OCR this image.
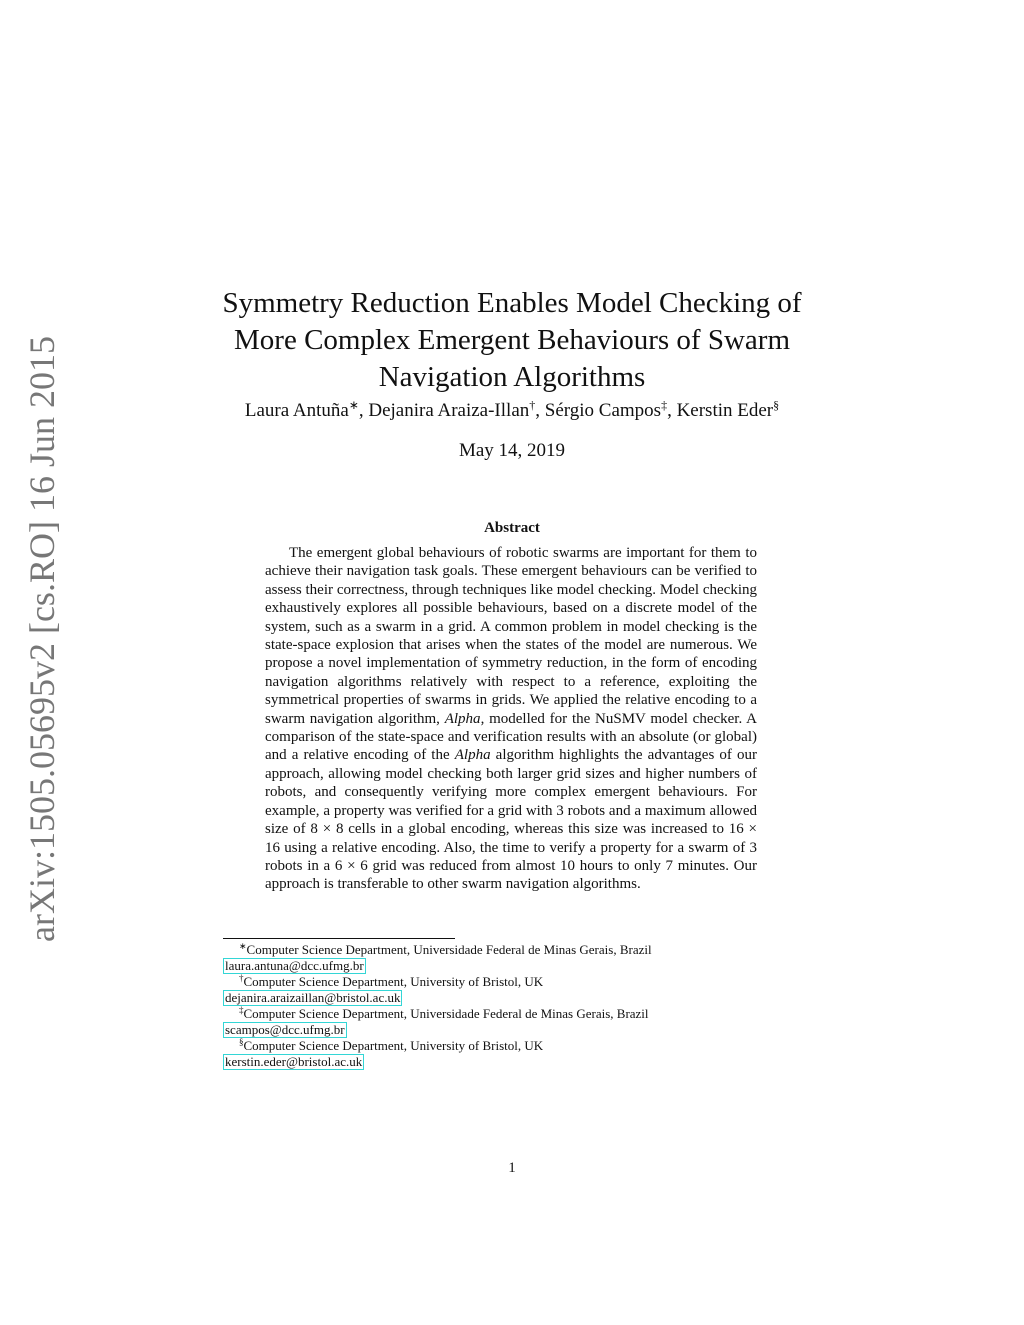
arXiv:1505.05695v2 [cs.RO] 16 Jun 2015
Symmetry Reduction Enables Model Checking of
More Complex Emergent Behaviours of Swarm
Navigation Algorithms
Laura Antuña∗, Dejanira Araiza-Illan†, Sérgio Campos‡, Kerstin Eder§
May 14, 2019
Abstract

The emergent global behaviours of robotic swarms are important for them to achieve their navigation task goals. These emergent behaviours can be verified to assess their correctness, through techniques like model checking. Model checking exhaustively explores all possible behaviours, based on a discrete model of the system, such as a swarm in a grid. A common problem in model checking is the state-space explosion that arises when the states of the model are numerous. We propose a novel implementation of symmetry reduction, in the form of encoding navigation algorithms relatively with respect to a reference, exploiting the symmetrical properties of swarms in grids. We applied the relative encoding to a swarm navigation algorithm, Alpha, modelled for the NuSMV model checker. A comparison of the state-space and verification results with an absolute (or global) and a relative encoding of the Alpha algorithm highlights the advantages of our approach, allowing model checking both larger grid sizes and higher numbers of robots, and consequently verifying more complex emergent behaviours. For example, a property was verified for a grid with 3 robots and a maximum allowed size of 8 × 8 cells in a global encoding, whereas this size was increased to 16 × 16 using a relative encoding. Also, the time to verify a property for a swarm of 3 robots in a 6 × 6 grid was reduced from almost 10 hours to only 7 minutes. Our approach is transferable to other swarm navigation algorithms.

∗Computer Science Department, Universidade Federal de Minas Gerais, Brazil
laura.antuna@dcc.ufmg.br
†Computer Science Department, University of Bristol, UK
dejanira.araizaillan@bristol.ac.uk
‡Computer Science Department, Universidade Federal de Minas Gerais, Brazil
scampos@dcc.ufmg.br
§Computer Science Department, University of Bristol, UK
kerstin.eder@bristol.ac.uk
1
